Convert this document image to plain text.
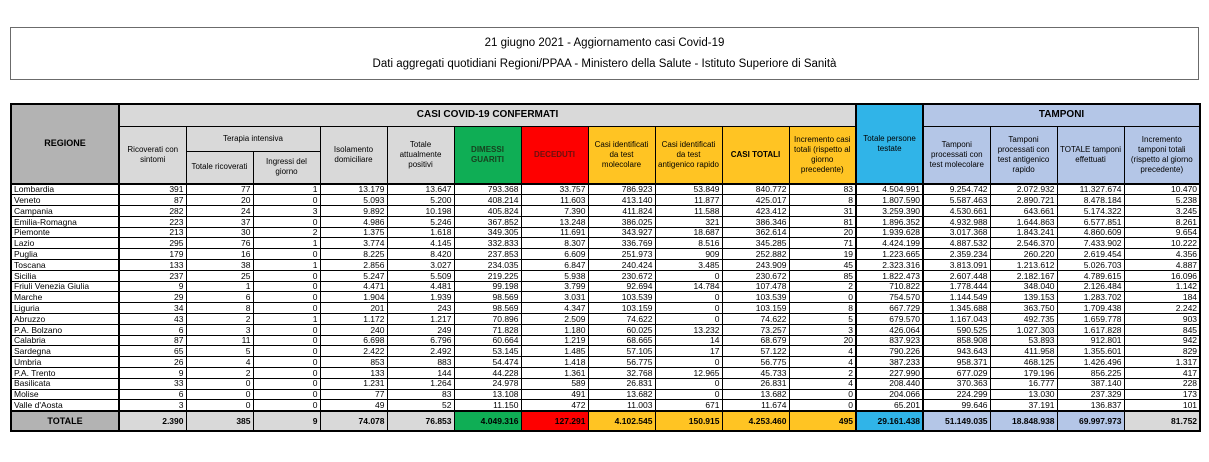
21 giugno 2021 - Aggiornamento casi Covid-19

Dati aggregati quotidiani Regioni/PPAA - Ministero della Salute - Istituto Superiore di Sanità

REGIONE	CASI COVID-19 CONFERMATI											Totale persone testate	TAMPONI			
	Ricoverati con sintomi	Terapia intensiva		Isolamento domiciliare	Totale attualmente positivi	DIMESSI GUARITI	DECEDUTI	Casi identificati da test molecolare	Casi identificati da test antigenico rapido	CASI TOTALI	Incremento casi totali (rispetto al giorno precedente)		Tamponi processati con test molecolare	Tamponi processati con test antigenico rapido	TOTALE tamponi effettuati	Incremento tamponi totali (rispetto al giorno precedente)
		Totale ricoverati	Ingressi del giorno													
Lombardia	391	77	1	13.179	13.647	793.368	33.757	786.923	53.849	840.772	83	4.504.991	9.254.742	2.072.932	11.327.674	10.470
Veneto	87	20	0	5.093	5.200	408.214	11.603	413.140	11.877	425.017	8	1.807.590	5.587.463	2.890.721	8.478.184	5.238
Campania	282	24	3	9.892	10.198	405.824	7.390	411.824	11.588	423.412	31	3.259.390	4.530.661	643.661	5.174.322	3.245
Emilia-Romagna	223	37	0	4.986	5.246	367.852	13.248	386.025	321	386.346	81	1.896.352	4.932.988	1.644.863	6.577.851	8.261
Piemonte	213	30	2	1.375	1.618	349.305	11.691	343.927	18.687	362.614	20	1.939.628	3.017.368	1.843.241	4.860.609	9.654
Lazio	295	76	1	3.774	4.145	332.833	8.307	336.769	8.516	345.285	71	4.424.199	4.887.532	2.546.370	7.433.902	10.222
Puglia	179	16	0	8.225	8.420	237.853	6.609	251.973	909	252.882	19	1.223.665	2.359.234	260.220	2.619.454	4.356
Toscana	133	38	1	2.856	3.027	234.035	6.847	240.424	3.485	243.909	45	2.323.316	3.813.091	1.213.612	5.026.703	4.887
Sicilia	237	25	0	5.247	5.509	219.225	5.938	230.672	0	230.672	85	1.822.473	2.607.448	2.182.167	4.789.615	16.096
Friuli Venezia Giulia	9	1	0	4.471	4.481	99.198	3.799	92.694	14.784	107.478	2	710.822	1.778.444	348.040	2.126.484	1.142
Marche	29	6	0	1.904	1.939	98.569	3.031	103.539	0	103.539	0	754.570	1.144.549	139.153	1.283.702	184
Liguria	34	8	0	201	243	98.569	4.347	103.159	0	103.159	8	667.729	1.345.688	363.750	1.709.438	2.242
Abruzzo	43	2	1	1.172	1.217	70.896	2.509	74.622	0	74.622	5	679.570	1.167.043	492.735	1.659.778	903
P.A. Bolzano	6	3	0	240	249	71.828	1.180	60.025	13.232	73.257	3	426.064	590.525	1.027.303	1.617.828	845
Calabria	87	11	0	6.698	6.796	60.664	1.219	68.665	14	68.679	20	837.923	858.908	53.893	912.801	942
Sardegna	65	5	0	2.422	2.492	53.145	1.485	57.105	17	57.122	4	790.226	943.643	411.958	1.355.601	829
Umbria	26	4	0	853	883	54.474	1.418	56.775	0	56.775	4	387.233	958.371	468.125	1.426.496	1.317
P.A. Trento	9	2	0	133	144	44.228	1.361	32.768	12.965	45.733	2	227.990	677.029	179.196	856.225	417
Basilicata	33	0	0	1.231	1.264	24.978	589	26.831	0	26.831	4	208.440	370.363	16.777	387.140	228
Molise	6	0	0	77	83	13.108	491	13.682	0	13.682	0	204.066	224.299	13.030	237.329	173
Valle d'Aosta	3	0	0	49	52	11.150	472	11.003	671	11.674	0	65.201	99.646	37.191	136.837	101
TOTALE	2.390	385	9	74.078	76.853	4.049.316	127.291	4.102.545	150.915	4.253.460	495	29.161.438	51.149.035	18.848.938	69.997.973	81.752
